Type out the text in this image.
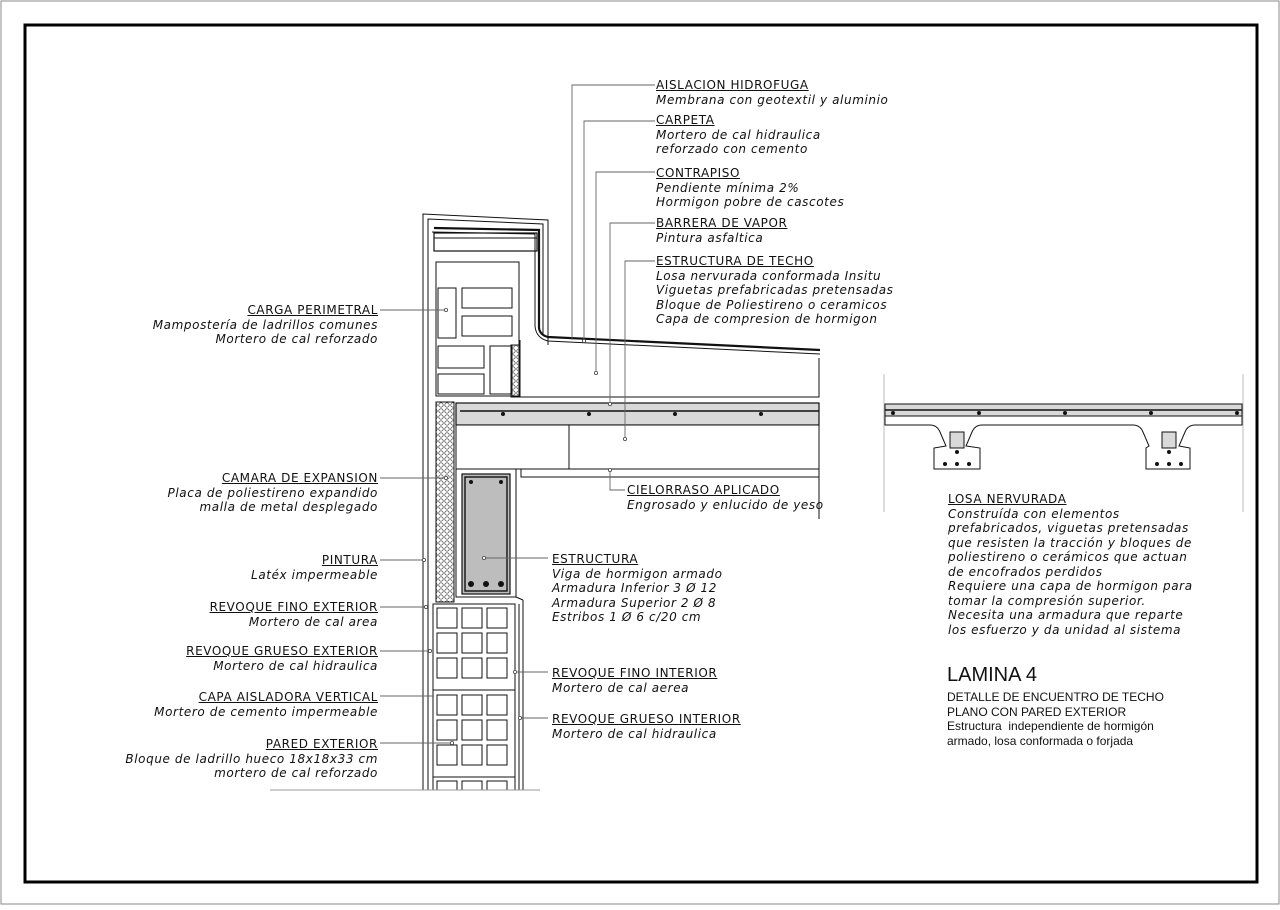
AISLACION HIDROFUGA
Membrana con geotextil y aluminio
CARPETA
Mortero de cal hidraulica
reforzado con cemento
CONTRAPISO
Pendiente mínima 2%
Hormigon pobre de cascotes
BARRERA DE VAPOR
Pintura asfaltica
ESTRUCTURA DE TECHO
Losa nervurada conformada Insitu
Viguetas prefabricadas pretensadas
Bloque de Poliestireno o ceramicos
Capa de compresion de hormigon
CARGA PERIMETRAL
Mampostería de ladrillos comunes
Mortero de cal reforzado
CAMARA DE EXPANSION
Placa de poliestireno expandido
malla de metal desplegado
PINTURA
Latéx impermeable
REVOQUE FINO EXTERIOR
Mortero de cal area
REVOQUE GRUESO EXTERIOR
Mortero de cal hidraulica
CAPA AISLADORA VERTICAL
Mortero de cemento impermeable
PARED EXTERIOR
Bloque de ladrillo hueco 18x18x33 cm
mortero de cal reforzado
CIELORRASO APLICADO
Engrosado y enlucido de yeso
ESTRUCTURA
Viga de hormigon armado
Armadura Inferior 3 Ø 12
Armadura Superior 2 Ø 8
Estribos 1 Ø 6 c/20 cm
REVOQUE FINO INTERIOR
Mortero de cal aerea
REVOQUE GRUESO INTERIOR
Mortero de cal hidraulica
LOSA NERVURADA
Construída con elementos
prefabricados, viguetas pretensadas
que resisten la tracción y bloques de
poliestireno o cerámicos que actuan
de encofrados perdidos
Requiere una capa de hormigon para
tomar la compresión superior.
Necesita una armadura que reparte
los esfuerzo y da unidad al sistema
LAMINA 4
DETALLE DE ENCUENTRO DE TECHO
PLANO CON PARED EXTERIOR
Estructura  independiente de hormigón
armado, losa conformada o forjada
